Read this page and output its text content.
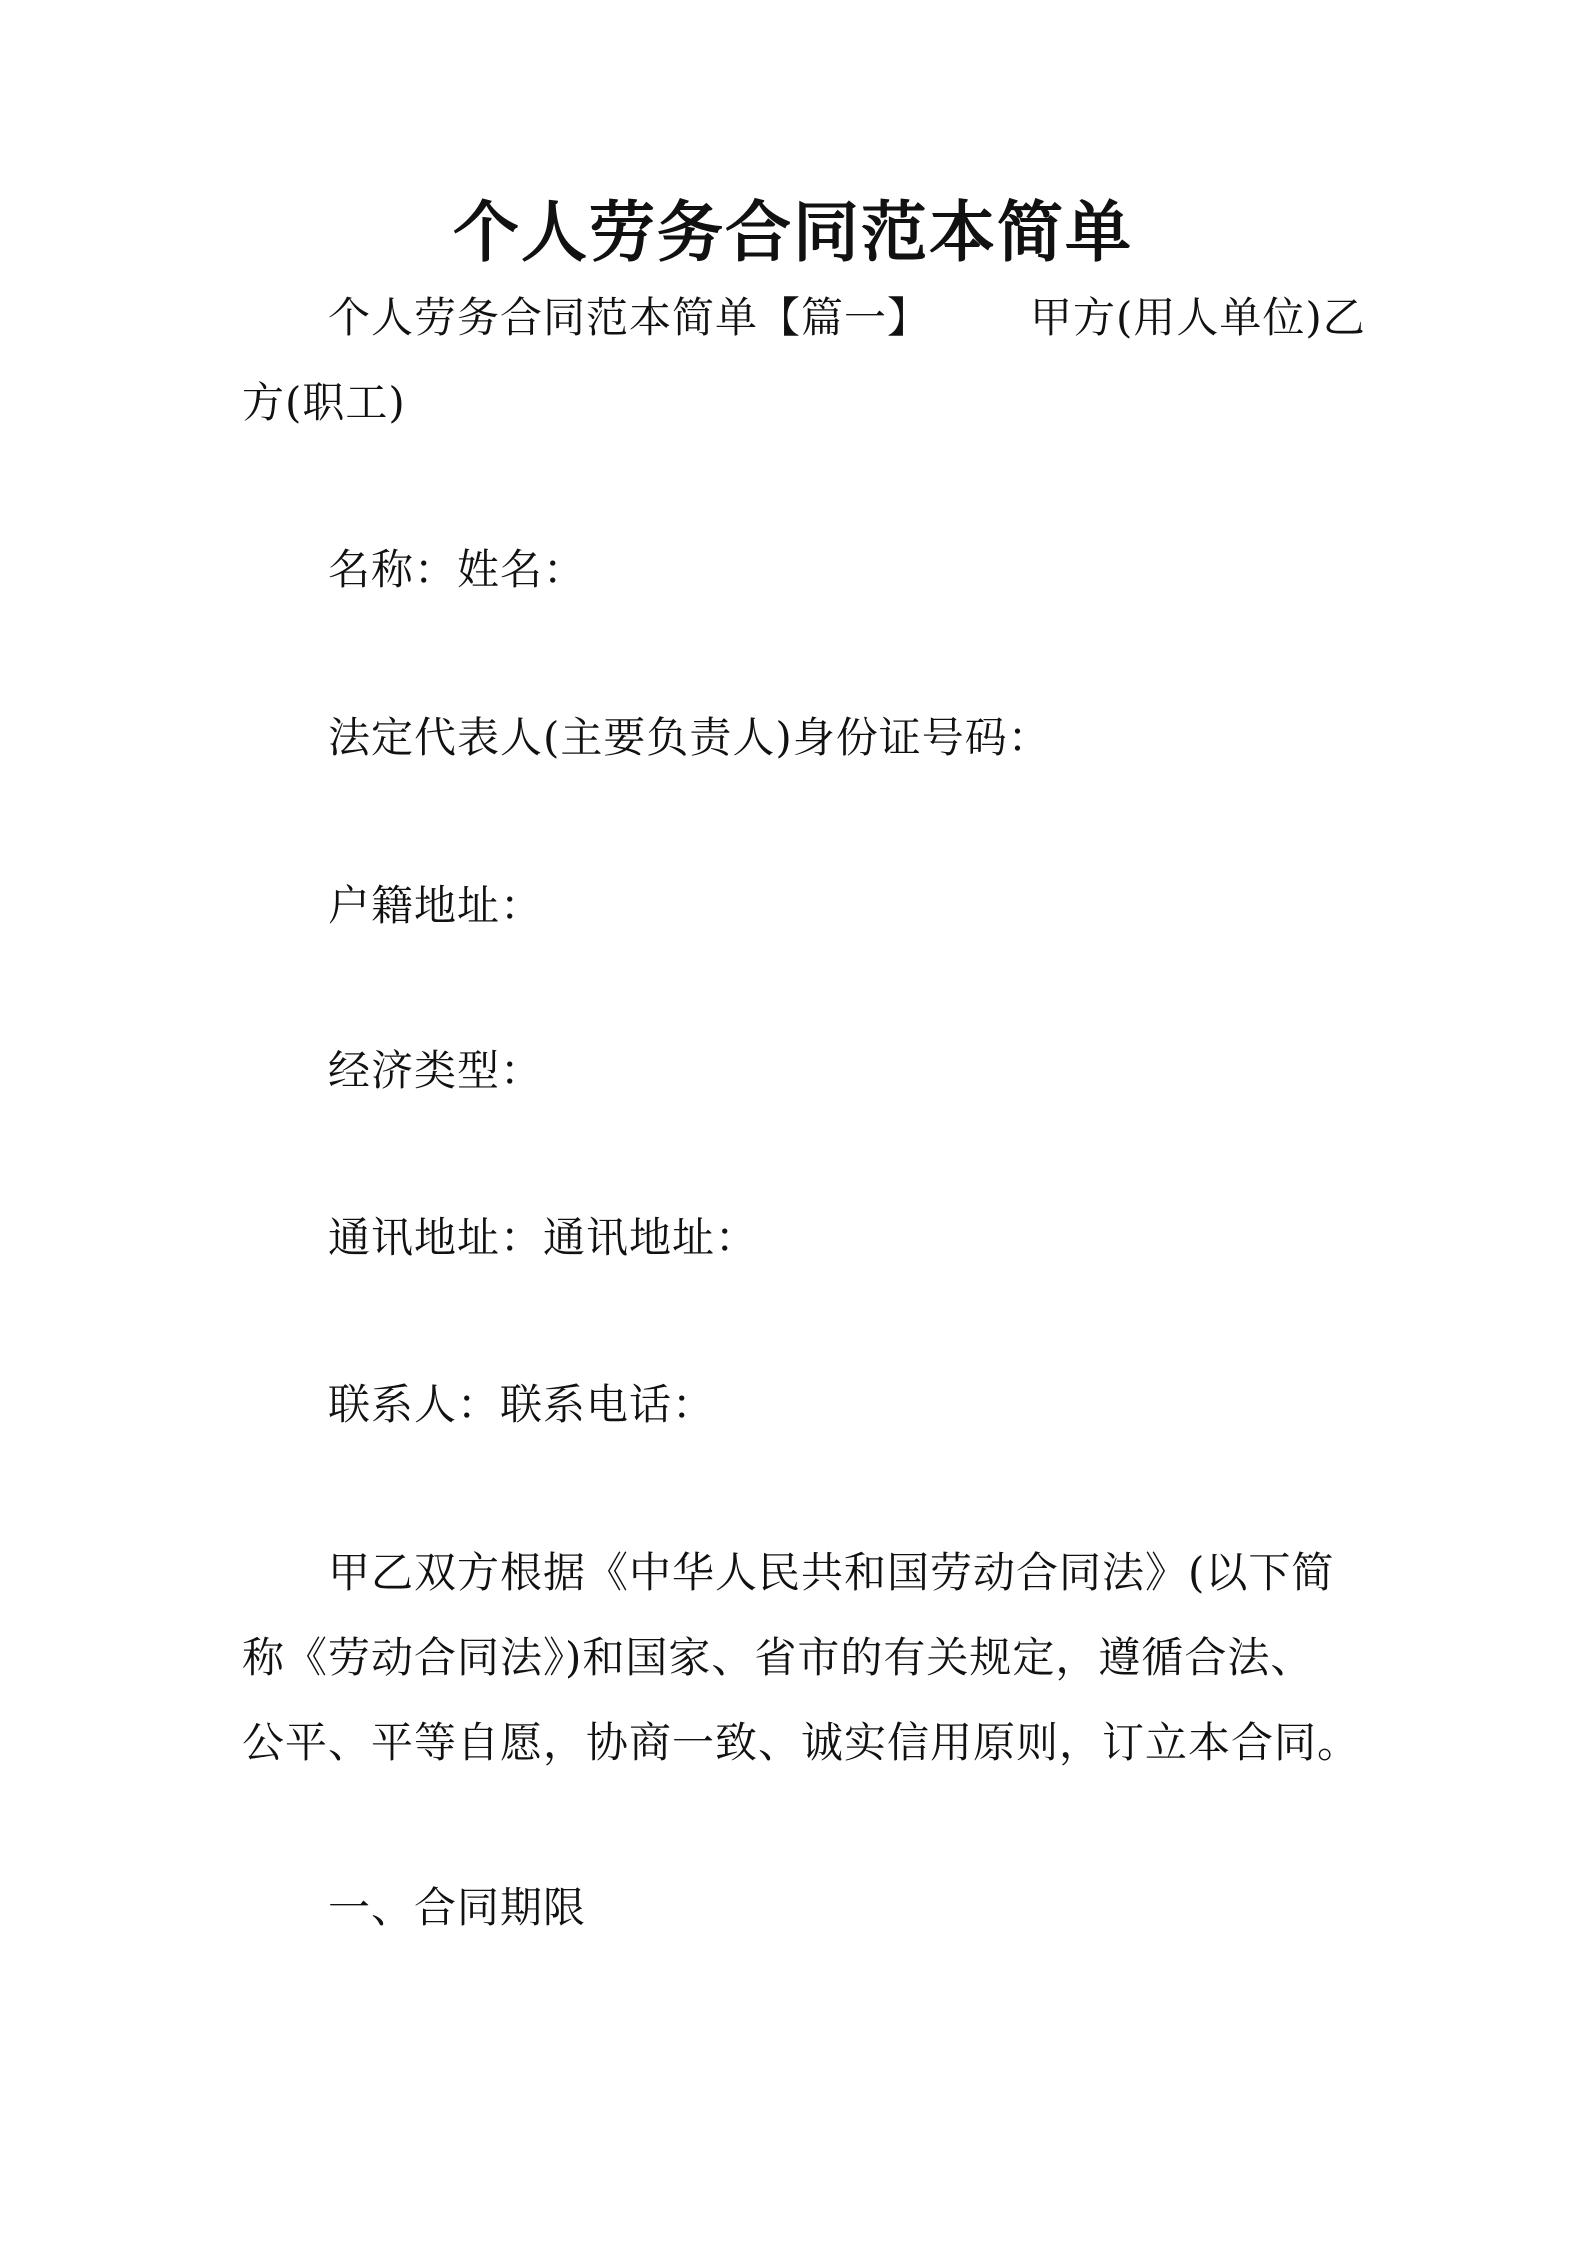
个人劳务合同范本简单
个人劳务合同范本简单【篇一】 甲方(用人单位)乙
方(职工)
名称：姓名：
法定代表人(主要负责人)身份证号码：
户籍地址：
经济类型：
通讯地址：通讯地址：
联系人：联系电话：
甲乙双方根据《中华人民共和国劳动合同法》(以下简
称《劳动合同法》)和国家、省市的有关规定，遵循合法、
公平、平等自愿，协商一致、诚实信用原则，订立本合同。
一、合同期限
